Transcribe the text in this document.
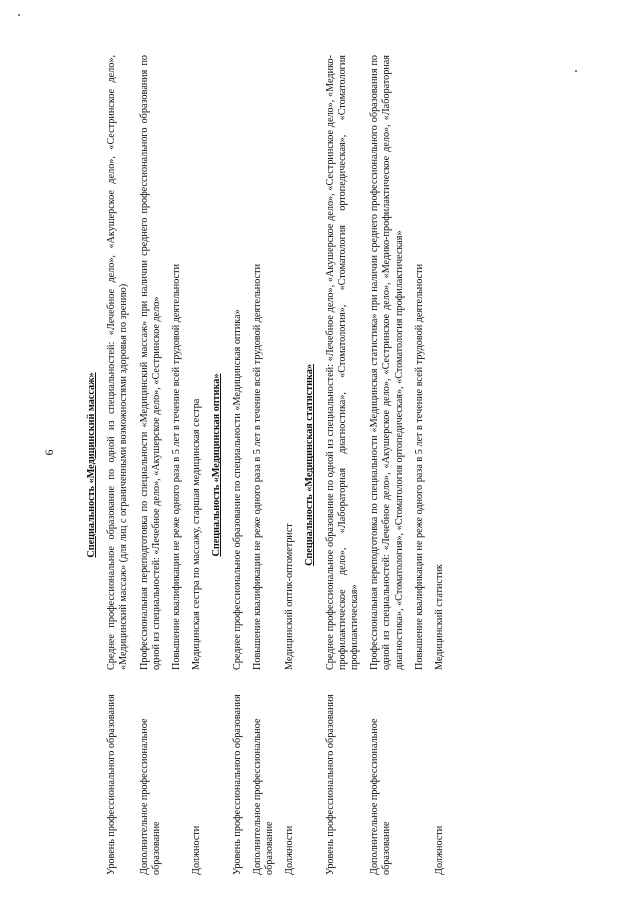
6	Специальность «Медицинский массаж»
Уровень профессионального образования
Среднее профессиональное образование по одной из специальностей: «Лечебное дело», «Акушерское дело», «Сестринское дело», «Медицинский массаж» (для лиц с ограниченными возможностями здоровья по зрению)
Дополнительное профессиональное образование
Профессиональная переподготовка по специальности «Медицинский массаж» при наличии среднего профессионального образования по одной из специальностей: «Лечебное дело», «Акушерское дело», «Сестринское дело» Повышение квалификации не реже одного раза в 5 лет в течение всей трудовой деятельности
Должности
Медицинская сестра по массажу, старшая медицинская сестра Специальность «Медицинская оптика»
Уровень профессионального образования
Среднее профессиональное образование по специальности «Медицинская оптика»
Дополнительное профессиональное образование
Повышение квалификации не реже одного раза в 5 лет в течение всей трудовой деятельности
Должности
Медицинский оптик-оптометрист
Специальность «Медицинская статистика»
Уровень профессионального образования
Среднее профессиональное образование по одной из специальностей: «Лечебное дело», «Акушерское дело», «Сестринское дело», «Медико-профилактическое дело», «Лабораторная диагностика», «Стоматология», «Стоматология ортопедическая», «Стоматология профилактическая»
Дополнительное профессиональное образование
Профессиональная переподготовка по специальности «Медицинская статистика» при наличии среднего профессионального образования по одной из специальностей: «Лечебное дело», «Акушерское дело», «Сестринское дело», «Медико-профилактическое дело», «Лабораторная диагностика», «Стоматология», «Стоматология ортопедическая», «Стоматология профилактическая» Повышение квалификации не реже одного раза в 5 лет в течение всей трудовой деятельности
Должности
Медицинский статистик
